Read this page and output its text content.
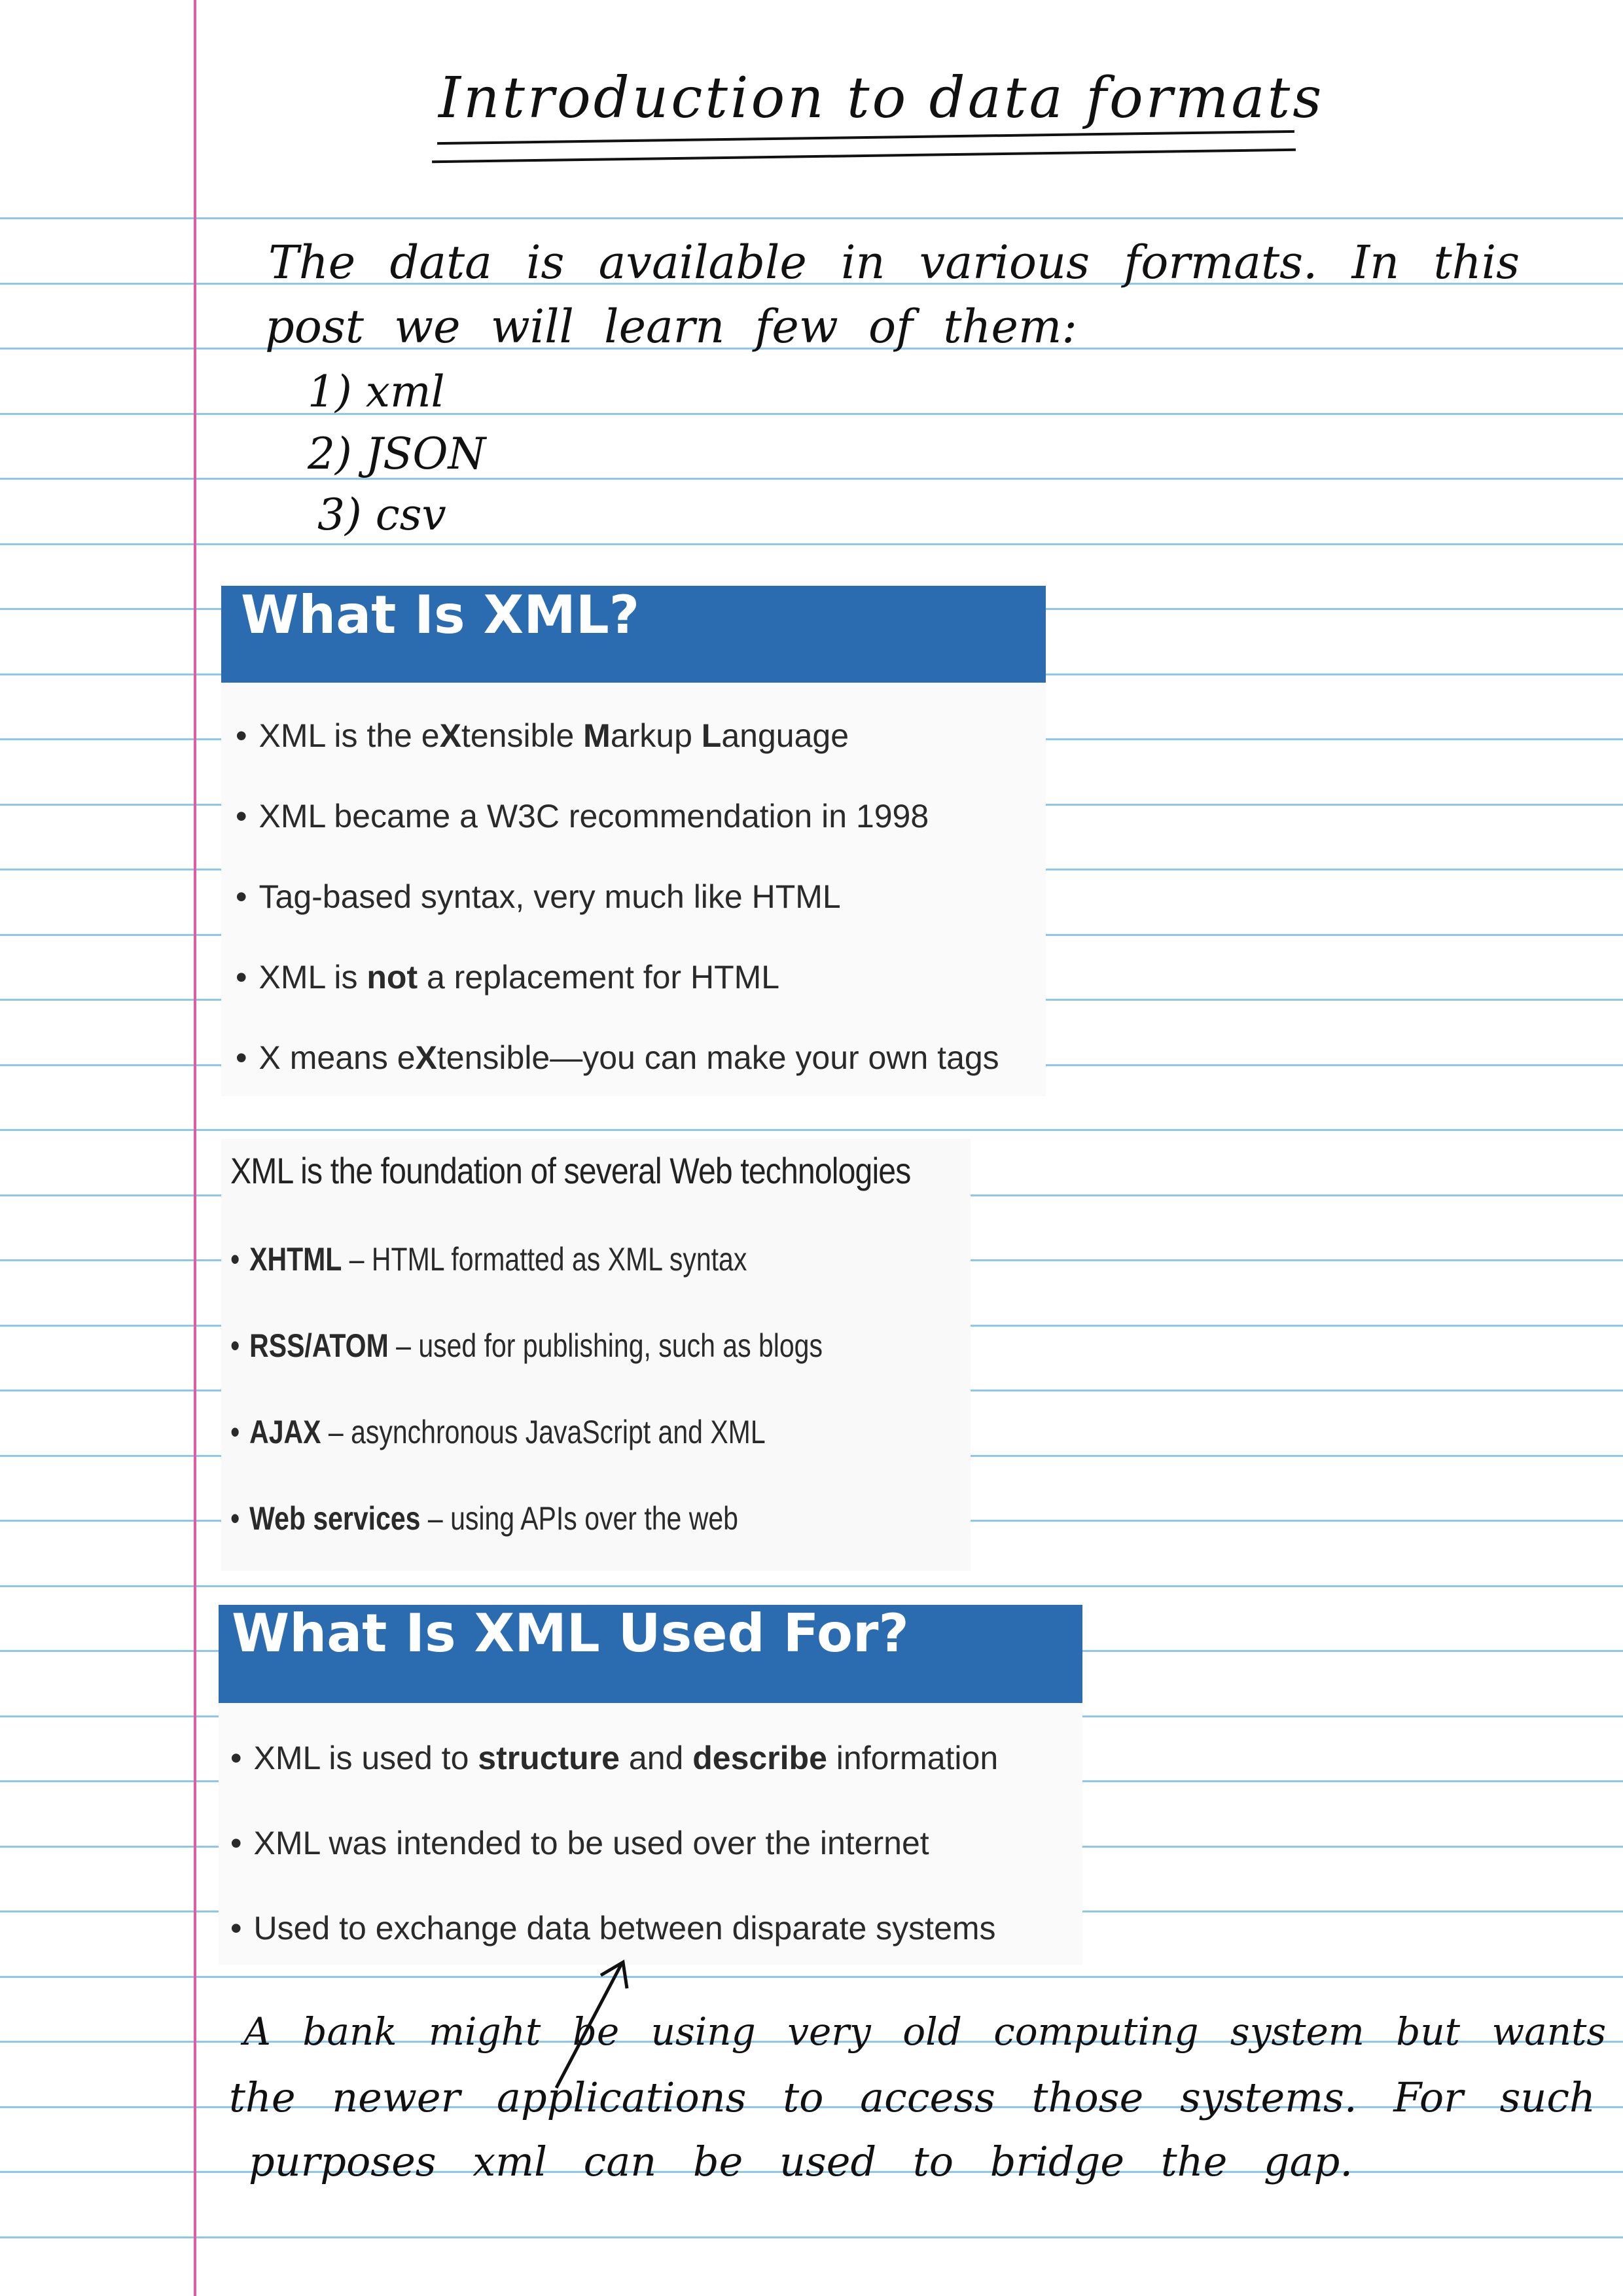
Introduction to data formats
The data is available in various formats. In this
post we will learn few of them:
1) xml
2) JSON
3) csv
What Is XML?
• XML is the eXtensible Markup Language
• XML became a W3C recommendation in 1998
• Tag-based syntax, very much like HTML
• XML is not a replacement for HTML
• X means eXtensible—you can make your own tags
XML is the foundation of several Web technologies
• XHTML – HTML formatted as XML syntax
• RSS/ATOM – used for publishing, such as blogs
• AJAX – asynchronous JavaScript and XML
• Web services – using APIs over the web
What Is XML Used For?
• XML is used to structure and describe information
• XML was intended to be used over the internet
• Used to exchange data between disparate systems
A bank might be using very old computing system but wants
the newer applications to access those systems. For such
purposes xml can be used to bridge the gap.
